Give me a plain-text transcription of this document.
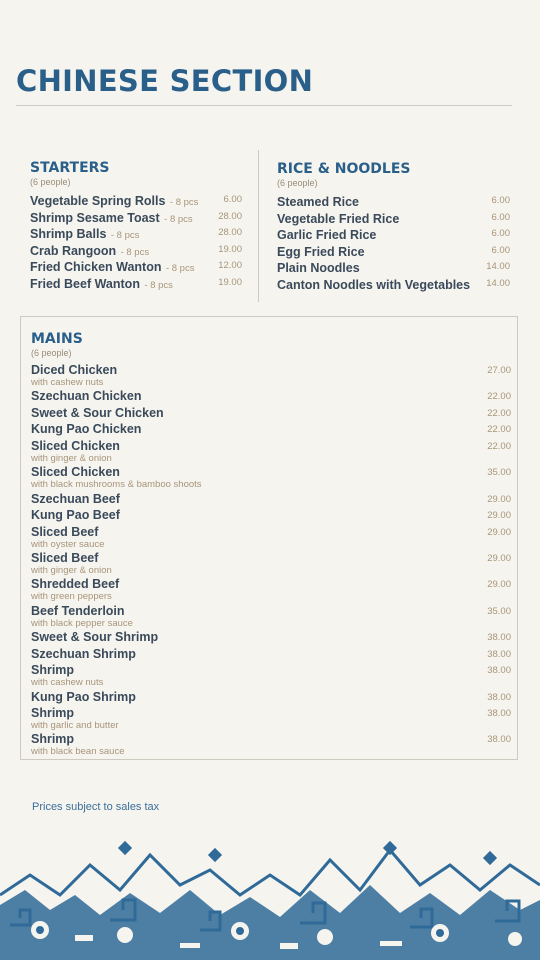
CHINESE SECTION
STARTERS
(6 people)
Vegetable Spring Rolls - 8 pcs	6.00
Shrimp Sesame Toast - 8 pcs	28.00
Shrimp Balls - 8 pcs	28.00
Crab Rangoon - 8 pcs	19.00
Fried Chicken Wanton - 8 pcs	12.00
Fried Beef Wanton - 8 pcs	19.00
RICE & NOODLES
(6 people)
Steamed Rice	6.00
Vegetable Fried Rice	6.00
Garlic Fried Rice	6.00
Egg Fried Rice	6.00
Plain Noodles	14.00
Canton Noodles with Vegetables 14.00
MAINS
(6 people)
Diced Chicken
with cashew nuts
27.00
Szechuan Chicken	22.00
Sweet & Sour Chicken	22.00
Kung Pao Chicken	22.00
Sliced Chicken
with ginger & onion
22.00
Sliced Chicken
with black mushrooms & bamboo shoots
35.00
Szechuan Beef	29.00
Kung Pao Beef	29.00
Sliced Beef
with oyster sauce
29.00
Sliced Beef
with ginger & onion
29.00
Shredded Beef
with green peppers
29.00
Beef Tenderloin
with black pepper sauce
35.00
Sweet & Sour Shrimp	38.00
Szechuan Shrimp	38.00
Shrimp
with cashew nuts
38.00
Kung Pao Shrimp	38.00
Shrimp
with garlic and butter
38.00
Shrimp
with black bean sauce
38.00
Prices subject to sales tax
